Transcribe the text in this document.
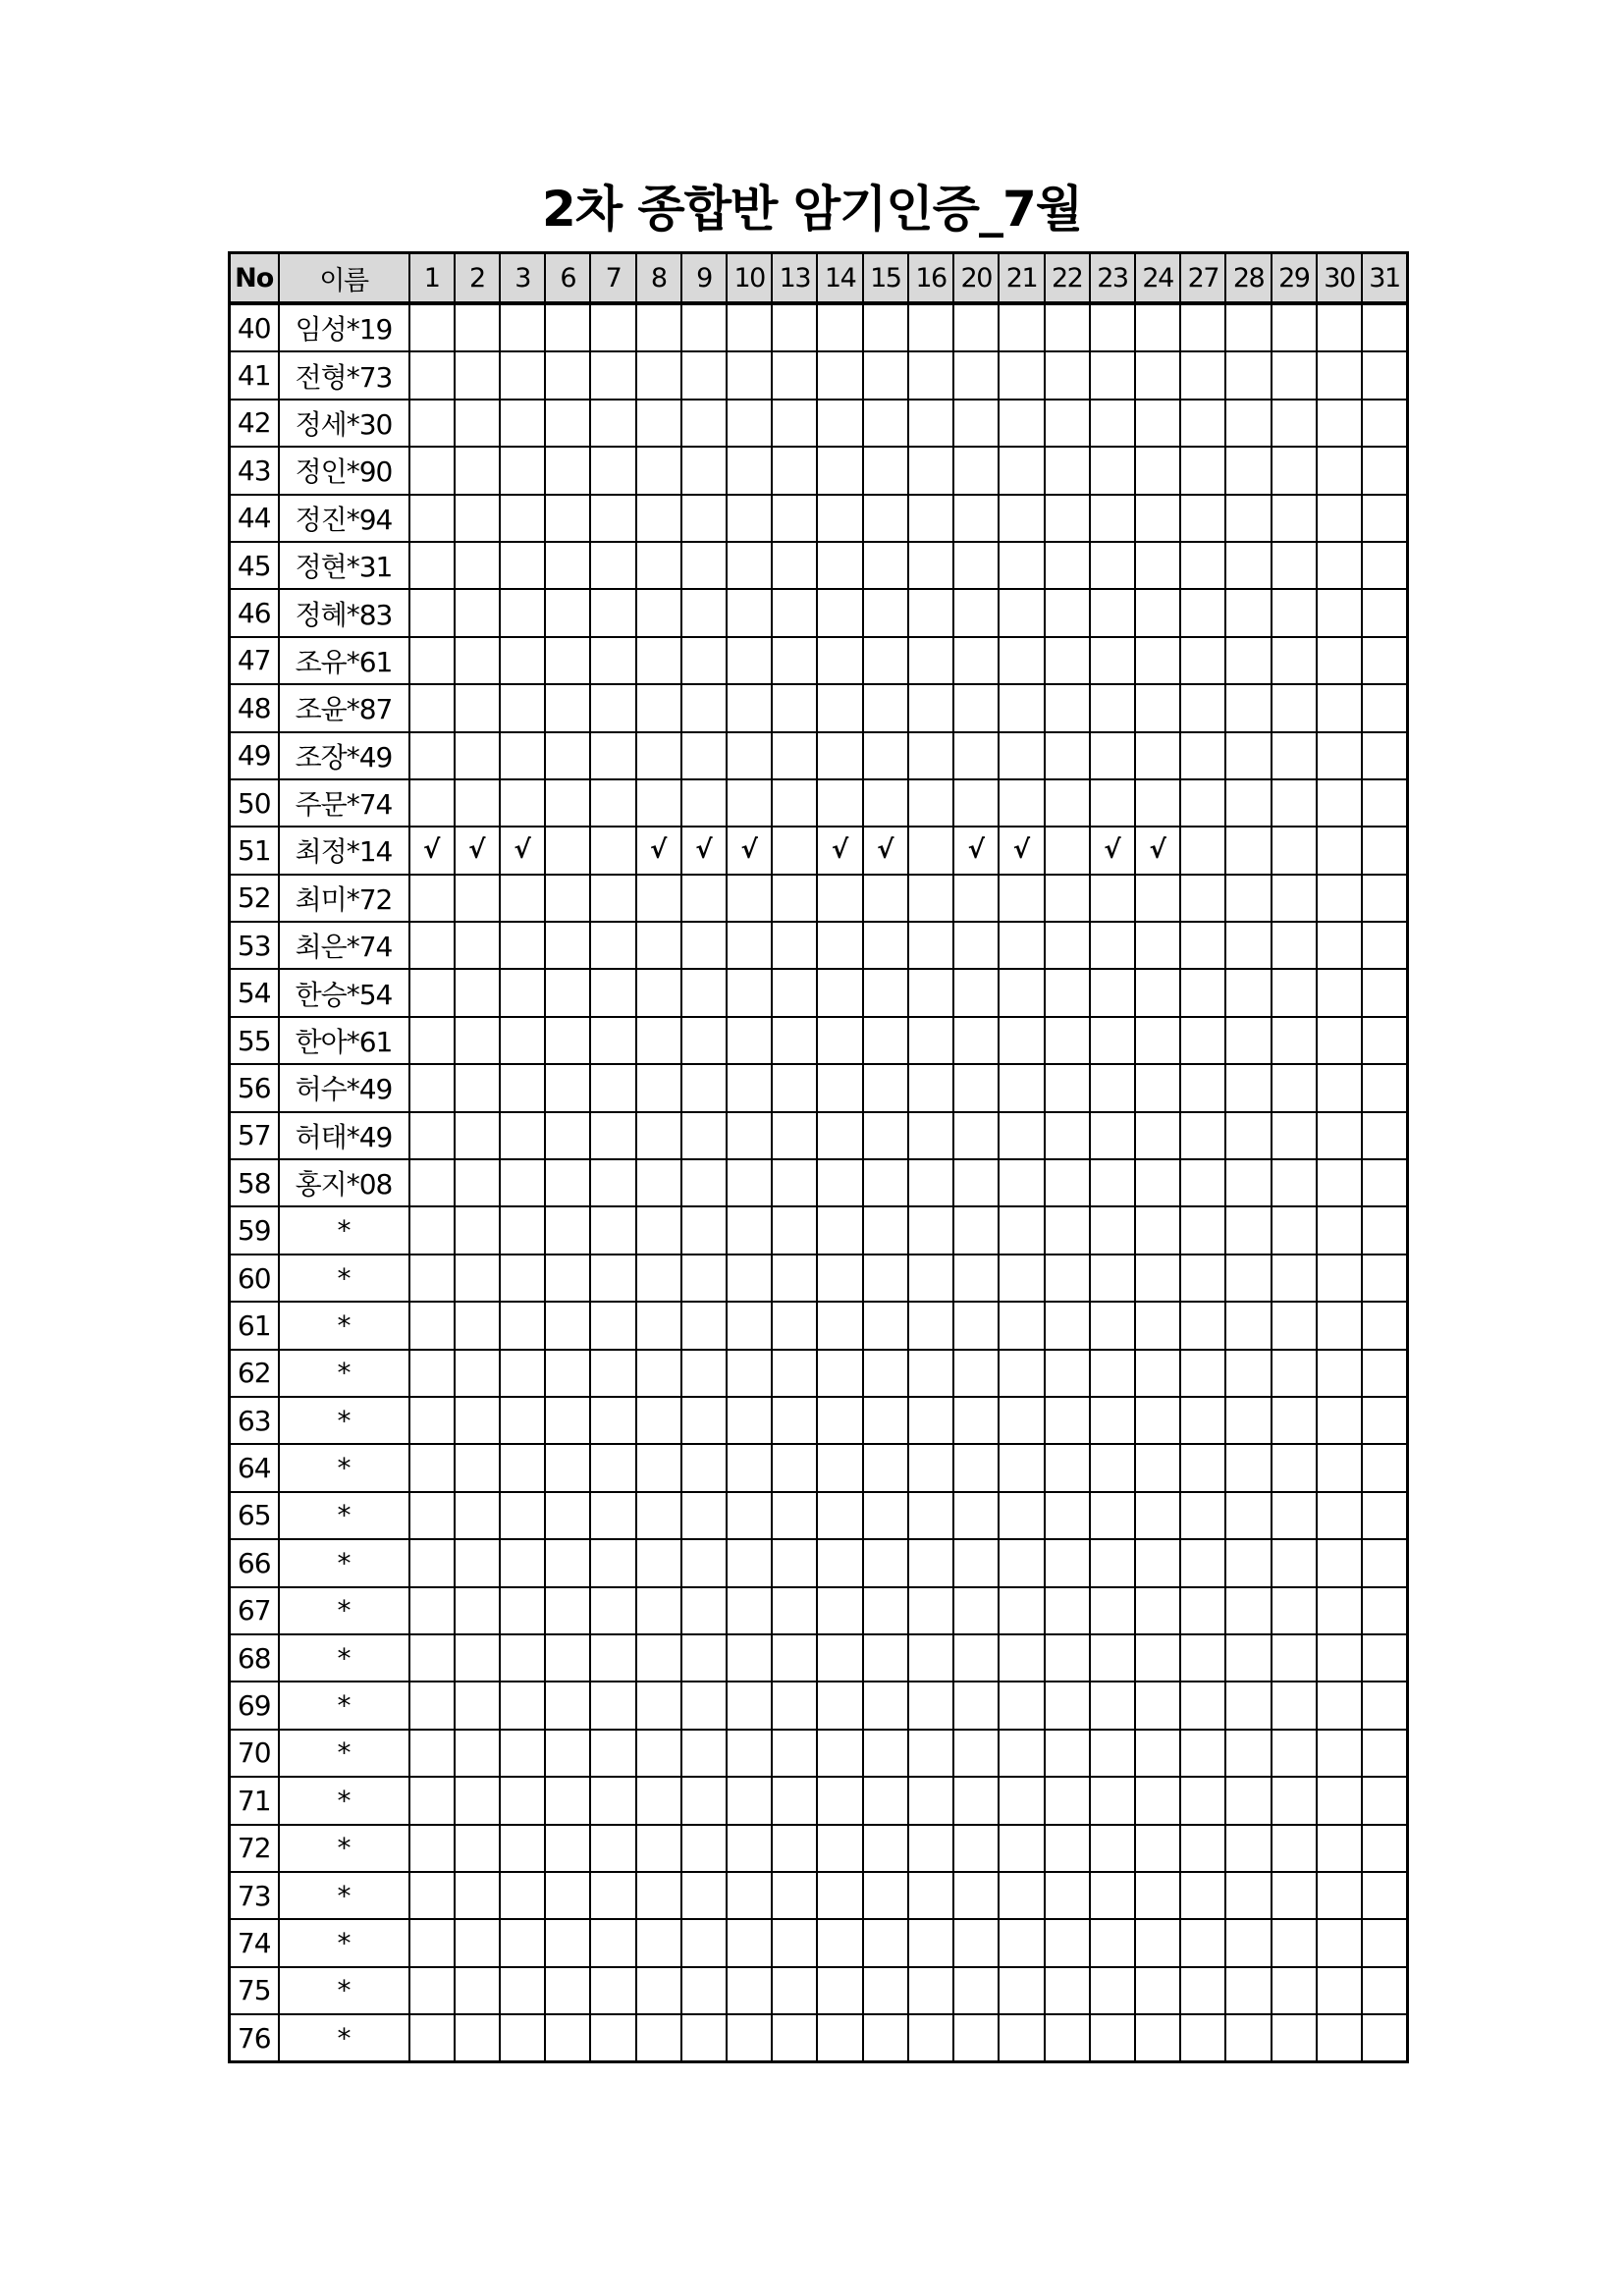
2차 종합반 암기인증_7월
No	이름	1	2	3	6	7	8	9	10	13	14	15	16	20	21	22	23	24	27	28	29	30	31
40	임성*19																						
41	전형*73																						
42	정세*30																						
43	정인*90																						
44	정진*94																						
45	정현*31																						
46	정혜*83																						
47	조유*61																						
48	조윤*87																						
49	조장*49																						
50	주문*74																						
51	최정*14	√	√	√			√	√	√		√	√		√	√		√	√					
52	최미*72																						
53	최은*74																						
54	한승*54																						
55	한아*61																						
56	허수*49																						
57	허태*49																						
58	홍지*08																						
59	*																						
60	*																						
61	*																						
62	*																						
63	*																						
64	*																						
65	*																						
66	*																						
67	*																						
68	*																						
69	*																						
70	*																						
71	*																						
72	*																						
73	*																						
74	*																						
75	*																						
76	*																						
